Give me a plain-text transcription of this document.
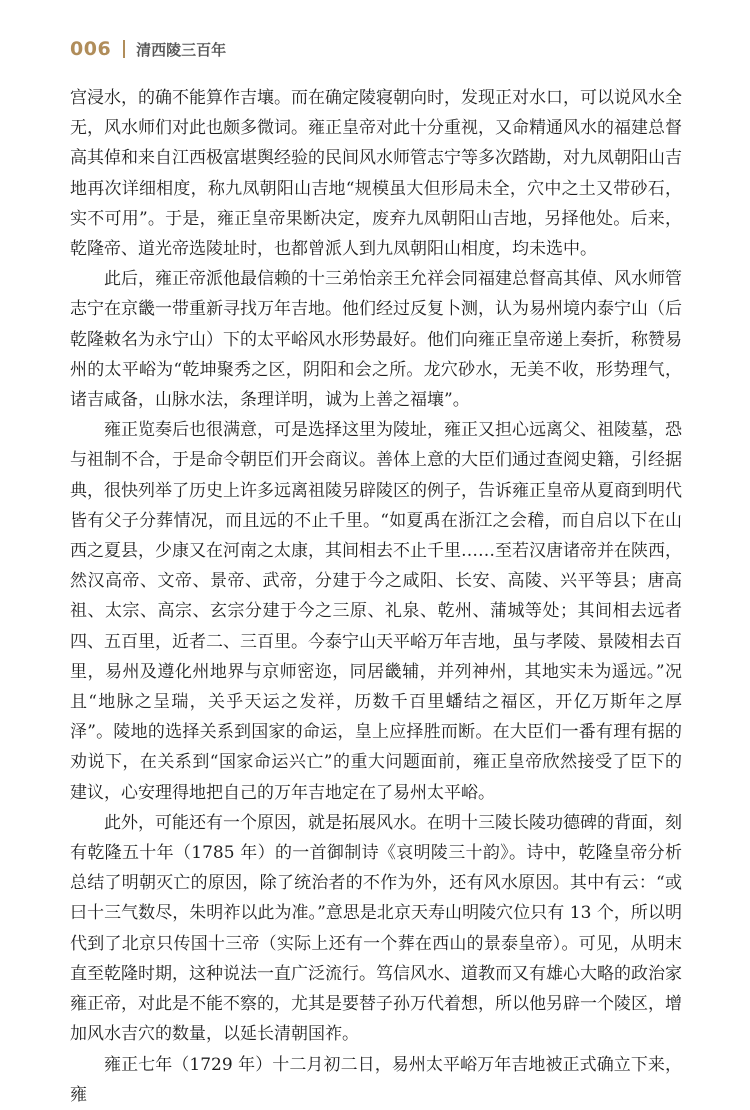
006 清西陵三百年

宫浸水，的确不能算作吉壤。而在确定陵寝朝向时，发现正对水口，可以说风水全无，风水师们对此也颇多微词。雍正皇帝对此十分重视，又命精通风水的福建总督高其倬和来自江西极富堪舆经验的民间风水师管志宁等多次踏勘，对九凤朝阳山吉地再次详细相度，称九凤朝阳山吉地“规模虽大但形局未全，穴中之土又带砂石，实不可用”。于是，雍正皇帝果断决定，废弃九凤朝阳山吉地，另择他处。后来，乾隆帝、道光帝选陵址时，也都曾派人到九凤朝阳山相度，均未选中。

此后，雍正帝派他最信赖的十三弟怡亲王允祥会同福建总督高其倬、风水师管志宁在京畿一带重新寻找万年吉地。他们经过反复卜测，认为易州境内泰宁山（后乾隆敕名为永宁山）下的太平峪风水形势最好。他们向雍正皇帝递上奏折，称赞易州的太平峪为“乾坤聚秀之区，阴阳和会之所。龙穴砂水，无美不收，形势理气，诸吉咸备，山脉水法，条理详明，诚为上善之福壤”。

雍正览奏后也很满意，可是选择这里为陵址，雍正又担心远离父、祖陵墓，恐与祖制不合，于是命令朝臣们开会商议。善体上意的大臣们通过查阅史籍，引经据典，很快列举了历史上许多远离祖陵另辟陵区的例子，告诉雍正皇帝从夏商到明代皆有父子分葬情况，而且远的不止千里。“如夏禹在浙江之会稽，而自启以下在山西之夏县，少康又在河南之太康，其间相去不止千里……至若汉唐诸帝并在陕西，然汉高帝、文帝、景帝、武帝，分建于今之咸阳、长安、高陵、兴平等县；唐高祖、太宗、高宗、玄宗分建于今之三原、礼泉、乾州、蒲城等处；其间相去远者四、五百里，近者二、三百里。今泰宁山天平峪万年吉地，虽与孝陵、景陵相去百里，易州及遵化州地界与京师密迩，同居畿辅，并列神州，其地实未为遥远。”况且“地脉之呈瑞，关乎天运之发祥，历数千百里蟠结之福区，开亿万斯年之厚泽”。陵地的选择关系到国家的命运，皇上应择胜而断。在大臣们一番有理有据的劝说下，在关系到“国家命运兴亡”的重大问题面前，雍正皇帝欣然接受了臣下的建议，心安理得地把自己的万年吉地定在了易州太平峪。

此外，可能还有一个原因，就是拓展风水。在明十三陵长陵功德碑的背面，刻有乾隆五十年（1785 年）的一首御制诗《哀明陵三十韵》。诗中，乾隆皇帝分析总结了明朝灭亡的原因，除了统治者的不作为外，还有风水原因。其中有云：“或曰十三气数尽，朱明祚以此为准。”意思是北京天寿山明陵穴位只有 13 个，所以明代到了北京只传国十三帝（实际上还有一个葬在西山的景泰皇帝）。可见，从明末直至乾隆时期，这种说法一直广泛流行。笃信风水、道教而又有雄心大略的政治家雍正帝，对此是不能不察的，尤其是要替子孙万代着想，所以他另辟一个陵区，增加风水吉穴的数量，以延长清朝国祚。

雍正七年（1729 年）十二月初二日，易州太平峪万年吉地被正式确立下来，雍
